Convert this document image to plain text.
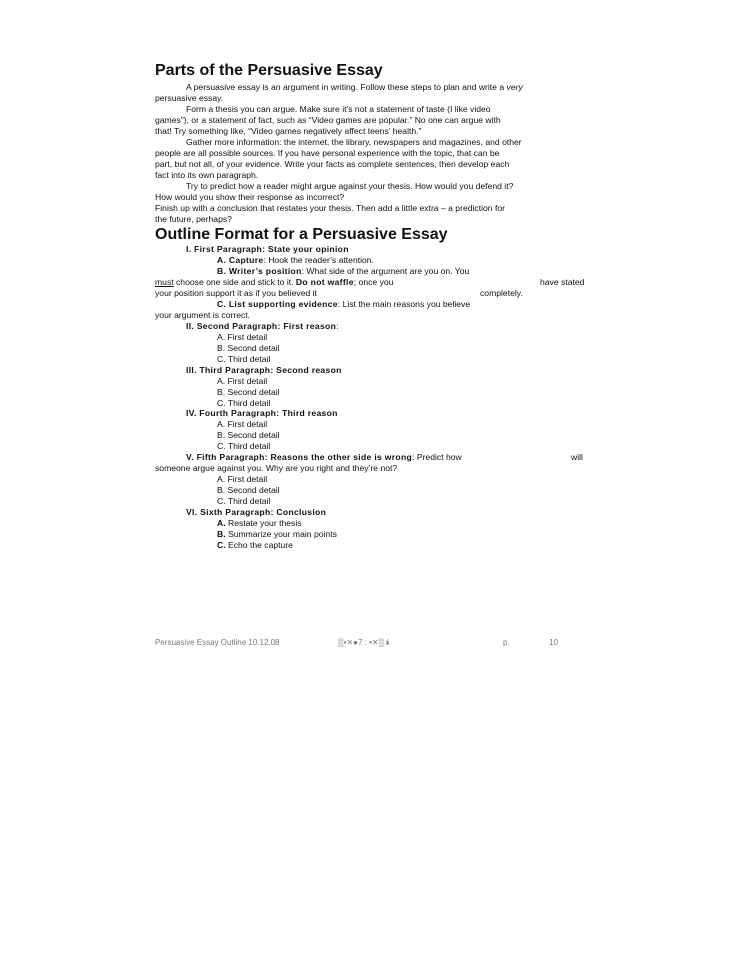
Parts of the Persuasive Essay
A persuasive essay is an argument in writing. Follow these steps to plan and write a very
persuasive essay.
Form a thesis you can argue. Make sure it’s not a statement of taste (I like video
games”), or a statement of fact, such as “Video games are popular.” No one can argue with
that! Try something like, “Video games negatively affect teens’ health.”
Gather more information: the internet, the library, newspapers and magazines, and other
people are all possible sources. If you have personal experience with the topic, that can be
part, but not all, of your evidence. Write your facts as complete sentences, then develop each
fact into its own paragraph.
Try to predict how a reader might argue against your thesis. How would you defend it?
How would you show their response as incorrect?
Finish up with a conclusion that restates your thesis. Then add a little extra – a prediction for
the future, perhaps?
Outline Format for a Persuasive Essay
I. First Paragraph: State your opinion
A. Capture: Hook the reader’s attention.
B. Writer’s position: What side of the argument are you on. You
must choose one side and stick to it. Do not waffle; once you	have stated
your position support it as if you believed it	completely.
C. List supporting evidence: List the main reasons you believe
your argument is correct.
II. Second Paragraph: First reason:
A. First detail
B. Second detail
C. Third detail
III. Third Paragraph: Second reason
A. First detail
B. Second detail
C. Third detail
IV. Fourth Paragraph: Third reason
A. First detail
B. Second detail
C. Third detail
V. Fifth Paragraph: Reasons the other side is wrong: Predict how	will
someone argue against you. Why are you right and they’re not?
A. First detail
B. Second detail
C. Third detail
VI. Sixth Paragraph: Conclusion
A. Restate your thesis
B. Summarize your main points
C. Echo the capture
Persuasive Essay Outline 10.12.08	▒•✕●7 : •✕▒↡	p.	10
